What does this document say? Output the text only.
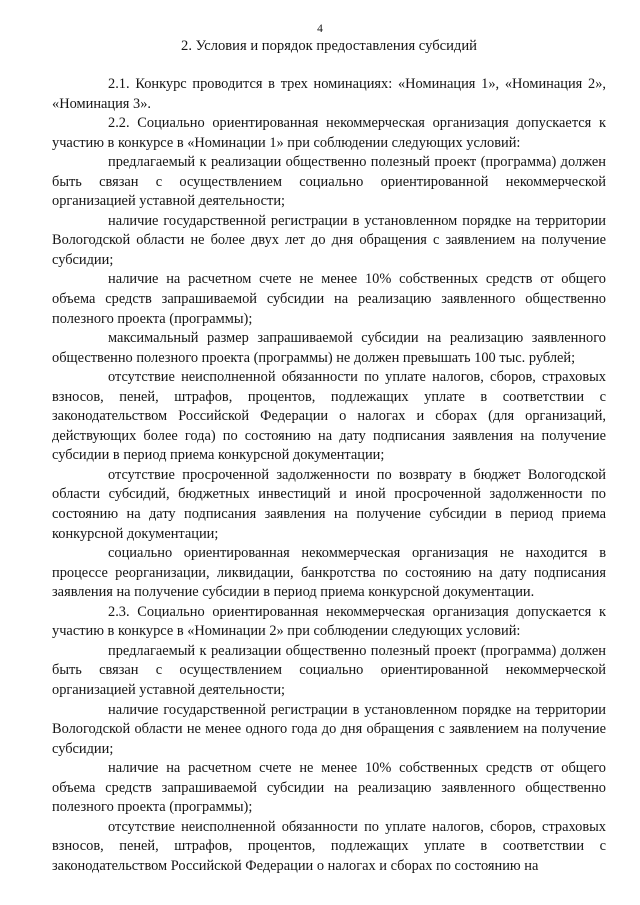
4
2. Условия и порядок предоставления субсидий

2.1. Конкурс проводится в трех номинациях: «Номинация 1», «Номинация 2», «Номинация 3».

2.2. Социально ориентированная некоммерческая организация допускается к участию в конкурсе в «Номинации 1» при соблюдении следующих условий:

предлагаемый к реализации общественно полезный проект (программа) должен быть связан с осуществлением социально ориентированной некоммерческой организацией уставной деятельности;

наличие государственной регистрации в установленном порядке на территории Вологодской области не более двух лет до дня обращения с заявлением на получение субсидии;

наличие на расчетном счете не менее 10% собственных средств от общего объема средств запрашиваемой субсидии на реализацию заявленного общественно полезного проекта (программы);

максимальный размер запрашиваемой субсидии на реализацию заявленного общественно полезного проекта (программы) не должен превышать 100 тыс. рублей;

отсутствие неисполненной обязанности по уплате налогов, сборов, страховых взносов, пеней, штрафов, процентов, подлежащих уплате в соответствии с законодательством Российской Федерации о налогах и сборах (для организаций, действующих более года) по состоянию на дату подписания заявления на получение субсидии в период приема конкурсной документации;

отсутствие просроченной задолженности по возврату в бюджет Вологодской области субсидий, бюджетных инвестиций и иной просроченной задолженности по состоянию на дату подписания заявления на получение субсидии в период приема конкурсной документации;

социально ориентированная некоммерческая организация не находится в процессе реорганизации, ликвидации, банкротства по состоянию на дату подписания заявления на получение субсидии в период приема конкурсной документации.

2.3. Социально ориентированная некоммерческая организация допускается к участию в конкурсе в «Номинации 2» при соблюдении следующих условий:

предлагаемый к реализации общественно полезный проект (программа) должен быть связан с осуществлением социально ориентированной некоммерческой организацией уставной деятельности;

наличие государственной регистрации в установленном порядке на территории Вологодской области не менее одного года до дня обращения с заявлением на получение субсидии;

наличие на расчетном счете не менее 10% собственных средств от общего объема средств запрашиваемой субсидии на реализацию заявленного общественно полезного проекта (программы);

отсутствие неисполненной обязанности по уплате налогов, сборов, страховых взносов, пеней, штрафов, процентов, подлежащих уплате в соответствии с законодательством Российской Федерации о налогах и сборах по состоянию на
